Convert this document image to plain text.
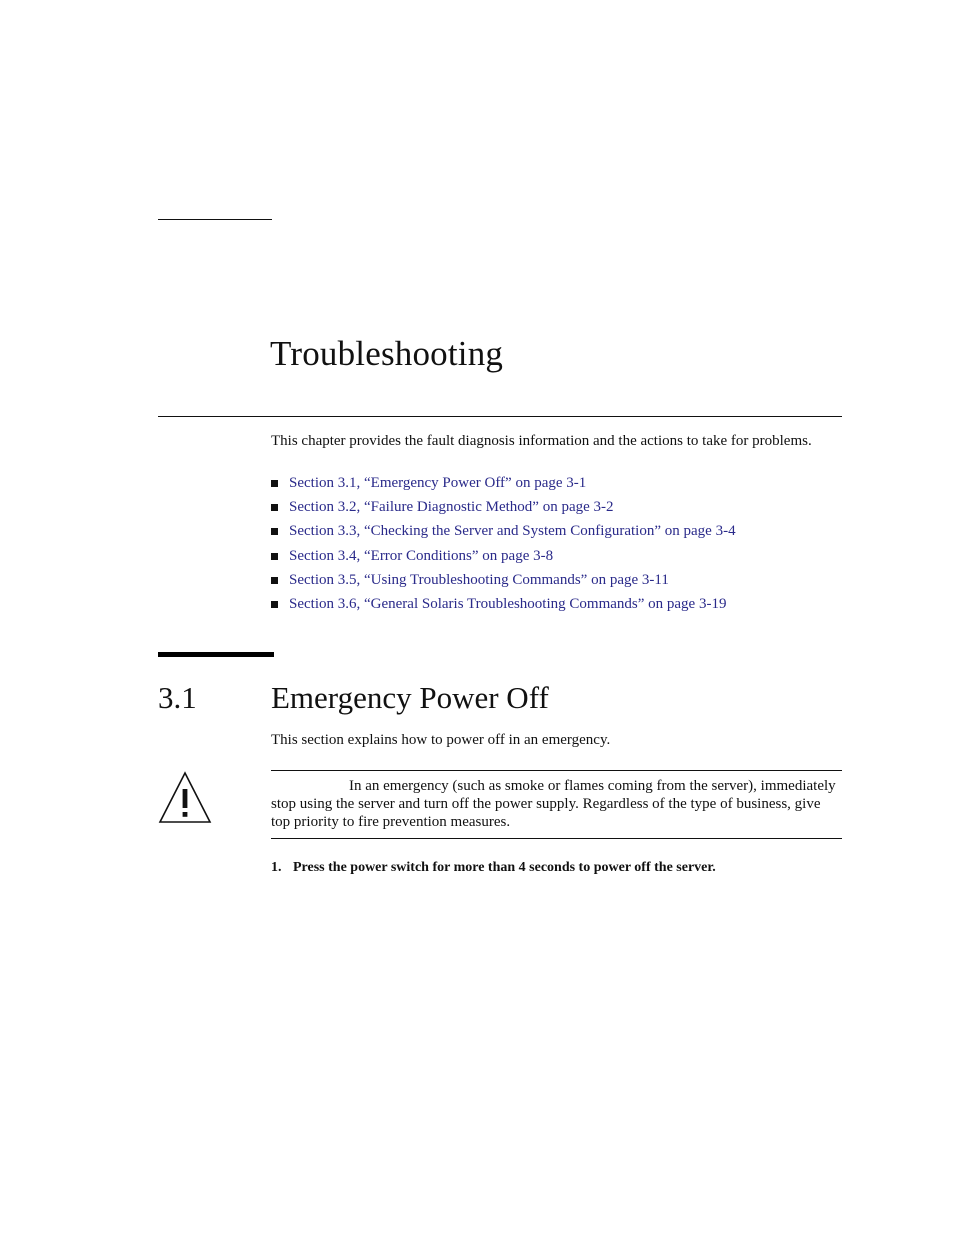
Troubleshooting

This chapter provides the fault diagnosis information and the actions to take for problems.

Section 3.1, “Emergency Power Off” on page 3-1
Section 3.2, “Failure Diagnostic Method” on page 3-2
Section 3.3, “Checking the Server and System Configuration” on page 3-4
Section 3.4, “Error Conditions” on page 3-8
Section 3.5, “Using Troubleshooting Commands” on page 3-11
Section 3.6, “General Solaris Troubleshooting Commands” on page 3-19
3.1 Emergency Power Off

This section explains how to power off in an emergency.

In an emergency (such as smoke or flames coming from the server), immediately stop using the server and turn off the power supply. Regardless of the type of business, give top priority to fire prevention measures.

1. Press the power switch for more than 4 seconds to power off the server.
